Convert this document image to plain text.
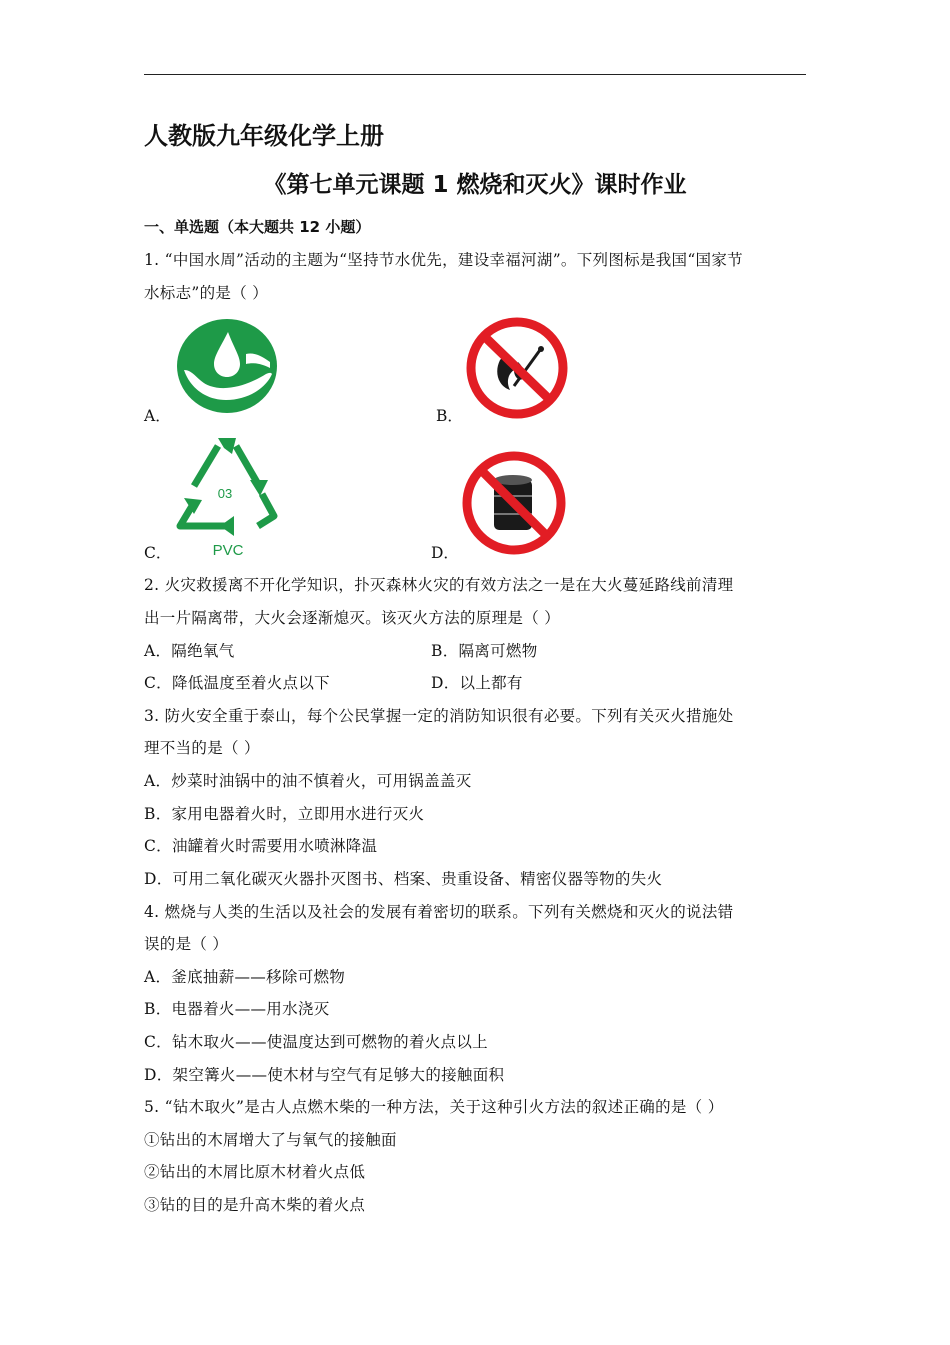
人教版九年级化学上册
《第七单元课题 1 燃烧和灭火》课时作业
一、单选题（本大题共 12 小题）
1. “中国水周”活动的主题为“坚持节水优先，建设幸福河湖”。下列图标是我国“国家节
水标志”的是（ ）
A．	B．
03
PVC
C．	D．
2. 火灾救援离不开化学知识，扑灭森林火灾的有效方法之一是在大火蔓延路线前清理
出一片隔离带，大火会逐渐熄灭。该灭火方法的原理是（ ）
A．隔绝氧气	B．隔离可燃物
C．降低温度至着火点以下	D．以上都有
3. 防火安全重于泰山，每个公民掌握一定的消防知识很有必要。下列有关灭火措施处
理不当的是（ ）
A．炒菜时油锅中的油不慎着火，可用锅盖盖灭
B．家用电器着火时，立即用水进行灭火
C．油罐着火时需要用水喷淋降温
D．可用二氧化碳灭火器扑灭图书、档案、贵重设备、精密仪器等物的失火
4. 燃烧与人类的生活以及社会的发展有着密切的联系。下列有关燃烧和灭火的说法错
误的是（ ）
A．釜底抽薪——移除可燃物
B．电器着火——用水浇灭
C．钻木取火——使温度达到可燃物的着火点以上
D．架空篝火——使木材与空气有足够大的接触面积
5. “钻木取火”是古人点燃木柴的一种方法，关于这种引火方法的叙述正确的是（ ）
①钻出的木屑增大了与氧气的接触面
②钻出的木屑比原木材着火点低
③钻的目的是升高木柴的着火点
